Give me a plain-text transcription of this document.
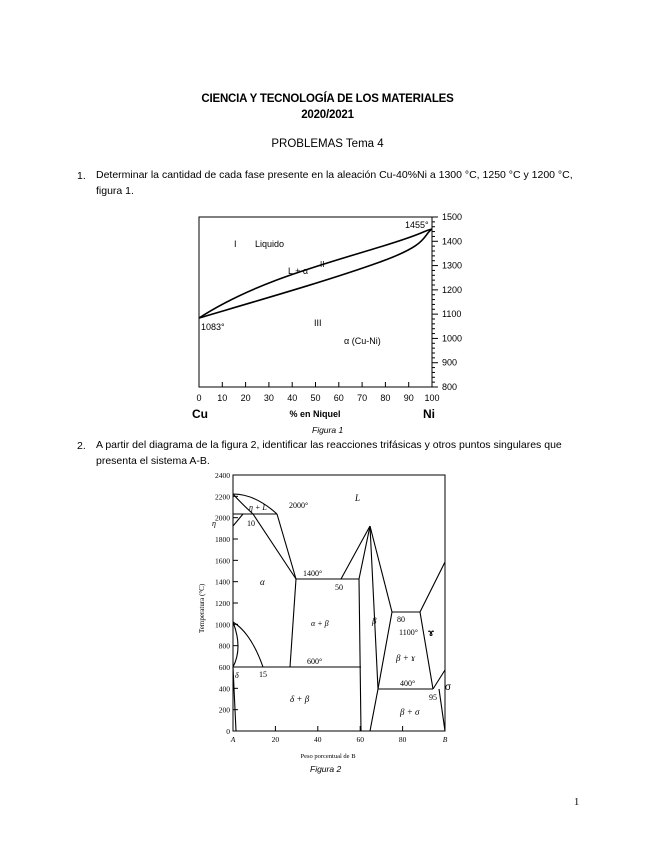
CIENCIA Y TECNOLOGÍA DE LOS MATERIALES
2020/2021
PROBLEMAS Tema 4
1. Determinar la cantidad de cada fase presente en la aleación Cu-40%Ni a 1300 °C, 1250 °C y 1200 °C,
figura 1.
1500
1400
1300
1200
1100
1000
900
800
0 10 20 30 40 50 60 70 80 90 100
I Liquido
II
L + α
III
α (Cu-Ni)
1083°
1455°
Cu	% en Niquel	Ni
Figura 1
2. A partir del diagrama de la figura 2, identificar las reacciones trifásicas y otros puntos singulares que
presenta el sistema A-B.
2400
2200
2000
1800
1600
1400
1200
1000
800
600
400
200
0
A	20	40	60	80	B
Temperatura (°C)
Peso porcentual de B
η + L
η
2000°
L
10
α
1400°
50
β
α + β	80
1100° ɤ
β + ɤ
δ	15
600°
δ + β
400°
95
σ
β + σ
Figura 2
1
